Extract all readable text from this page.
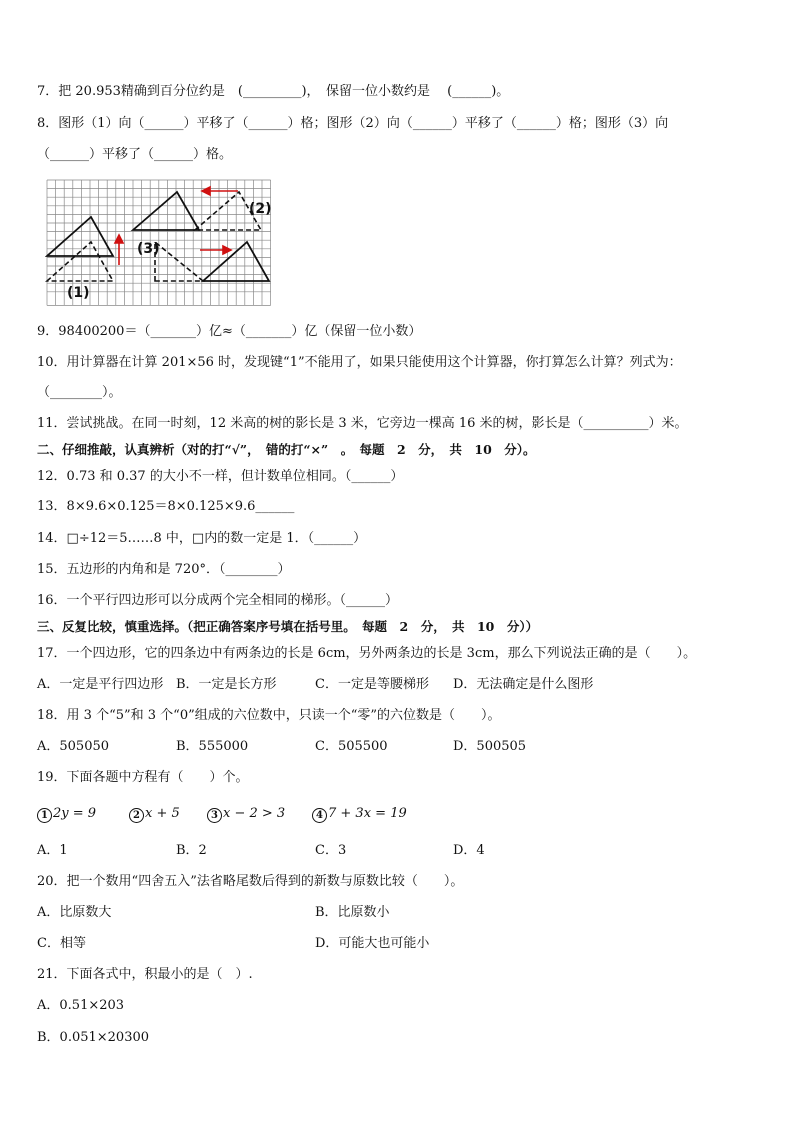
7．把 20.953精确到百分位约是　(_________)，　保留一位小数约是　 (______)。
8．图形（1）向（______）平移了（______）格；图形（2）向（______）平移了（______）格；图形（3）向
（______）平移了（______）格。
(1)
(2)
(3)
9．98400200＝（_______）亿≈（_______）亿（保留一位小数）
10．用计算器在计算 201×56 时，发现键“1”不能用了，如果只能使用这个计算器，你打算怎么计算？列式为：
（________）。
11．尝试挑战。在同一时刻，12 米高的树的影长是 3 米，它旁边一棵高 16 米的树，影长是（__________）米。
二、仔细推敲，认真辨析（对的打“√”，　错的打“×”　。　每题　2　分，　共　10　分）。
12．0.73 和 0.37 的大小不一样，但计数单位相同。（______）
13．8×9.6×0.125＝8×0.125×9.6______
14．□÷12＝5……8 中，□内的数一定是 1．（______）
15．五边形的内角和是 720°．（________）
16．一个平行四边形可以分成两个完全相同的梯形。（______）
三、反复比较，慎重选择。（把正确答案序号填在括号里。　每题　2　分，　共　10　分））
17．一个四边形，它的四条边中有两条边的长是 6cm，另外两条边的长是 3cm，那么下列说法正确的是（　　）。
A．一定是平行四边形 B．一定是长方形	C．一定是等腰梯形 D．无法确定是什么图形
18．用 3 个“5”和 3 个“0”组成的六位数中，只读一个“零”的六位数是（　　）。
A．505050	B．555000	C．505500	D．500505
19．下面各题中方程有（　　）个。
1 2y = 9	2 x + 5	3 x − 2 > 3	4 7 + 3x = 19
A．1	B．2	C．3	D．4
20．把一个数用“四舍五入”法省略尾数后得到的新数与原数比较（　　）。
A．比原数大	B．比原数小
C．相等	D．可能大也可能小
21．下面各式中，积最小的是（　）.
A．0.51×203
B．0.051×20300
